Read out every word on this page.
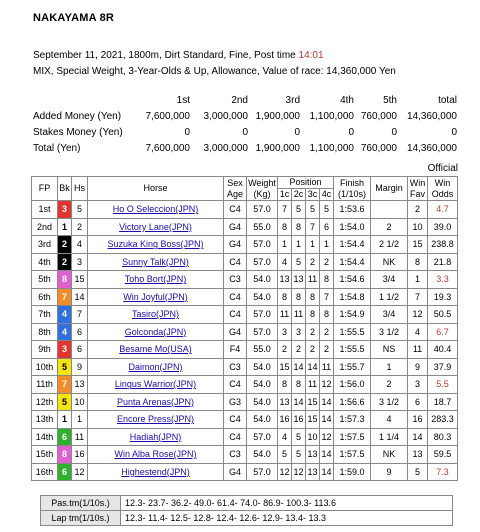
NAKAYAMA 8R
September 11, 2021, 1800m, Dirt Standard, Fine, Post time 14:01
MIX, Special Weight, 3-Year-Olds & Up, Allowance, Value of race: 14,360,000 Yen
	1st	2nd	3rd	4th	5th	total
Added Money (Yen)	7,600,000	3,000,000	1,900,000	1,100,000	760,000	14,360,000
Stakes Money (Yen)	0	0	0	0	0	0
Total (Yen)	7,600,000	3,000,000	1,900,000	1,100,000	760,000	14,360,000
Official
FP	Bk	Hs	Horse	Sex
Age	Weight
(Kg)	Position				Finish
(1/10s)	Margin	Win
Fav	Win
Odds
						1c	2c	3c	4c				
1st	3	5	Ho O Seleccion(JPN)	C4	57.0	7	5	5	5	1:53.6		2	4.7
2nd	1	2	Victory Lane(JPN)	G4	55.0	8	8	7	6	1:54.0	2	10	39.0
3rd	2	4	Suzuka King Boss(JPN)	G4	57.0	1	1	1	1	1:54.4	2 1/2	15	238.8
4th	2	3	Sunny Talk(JPN)	C4	57.0	4	5	2	2	1:54.4	NK	8	21.8
5th	8	15	Toho Bort(JPN)	C3	54.0	13	13	11	8	1:54.6	3/4	1	3.3
6th	7	14	Win Joyful(JPN)	C4	54.0	8	8	8	7	1:54.8	1 1/2	7	19.3
7th	4	7	Tasiro(JPN)	C4	57.0	11	11	8	8	1:54.9	3/4	12	50.5
8th	4	6	Golconda(JPN)	G4	57.0	3	3	2	2	1:55.5	3 1/2	4	6.7
9th	3	6	Besame Mo(USA)	F4	55.0	2	2	2	2	1:55.5	NS	11	40.4
10th	5	9	Daimon(JPN)	C3	54.0	15	14	14	11	1:55.7	1	9	37.9
11th	7	13	Lingus Warrior(JPN)	C4	54.0	8	8	11	12	1:56.0	2	3	5.5
12th	5	10	Punta Arenas(JPN)	G3	54.0	13	14	15	14	1:56.6	3 1/2	6	18.7
13th	1	1	Encore Press(JPN)	C4	54.0	16	16	15	14	1:57.3	4	16	283.3
14th	6	11	Hadiah(JPN)	C4	57.0	4	5	10	12	1:57.5	1 1/4	14	80.3
15th	8	16	Win Alba Rose(JPN)	C3	54.0	5	5	13	14	1:57.5	NK	13	59.5
16th	6	12	Highestend(JPN)	G4	57.0	12	12	13	14	1:59.0	9	5	7.3
Pas.tm(1/10s.)	12.3- 23.7- 36.2- 49.0- 61.4- 74.0- 86.9- 100.3- 113.6
Lap tm(1/10s.)	12.3- 11.4- 12.5- 12.8- 12.4- 12.6- 12.9- 13.4- 13.3
